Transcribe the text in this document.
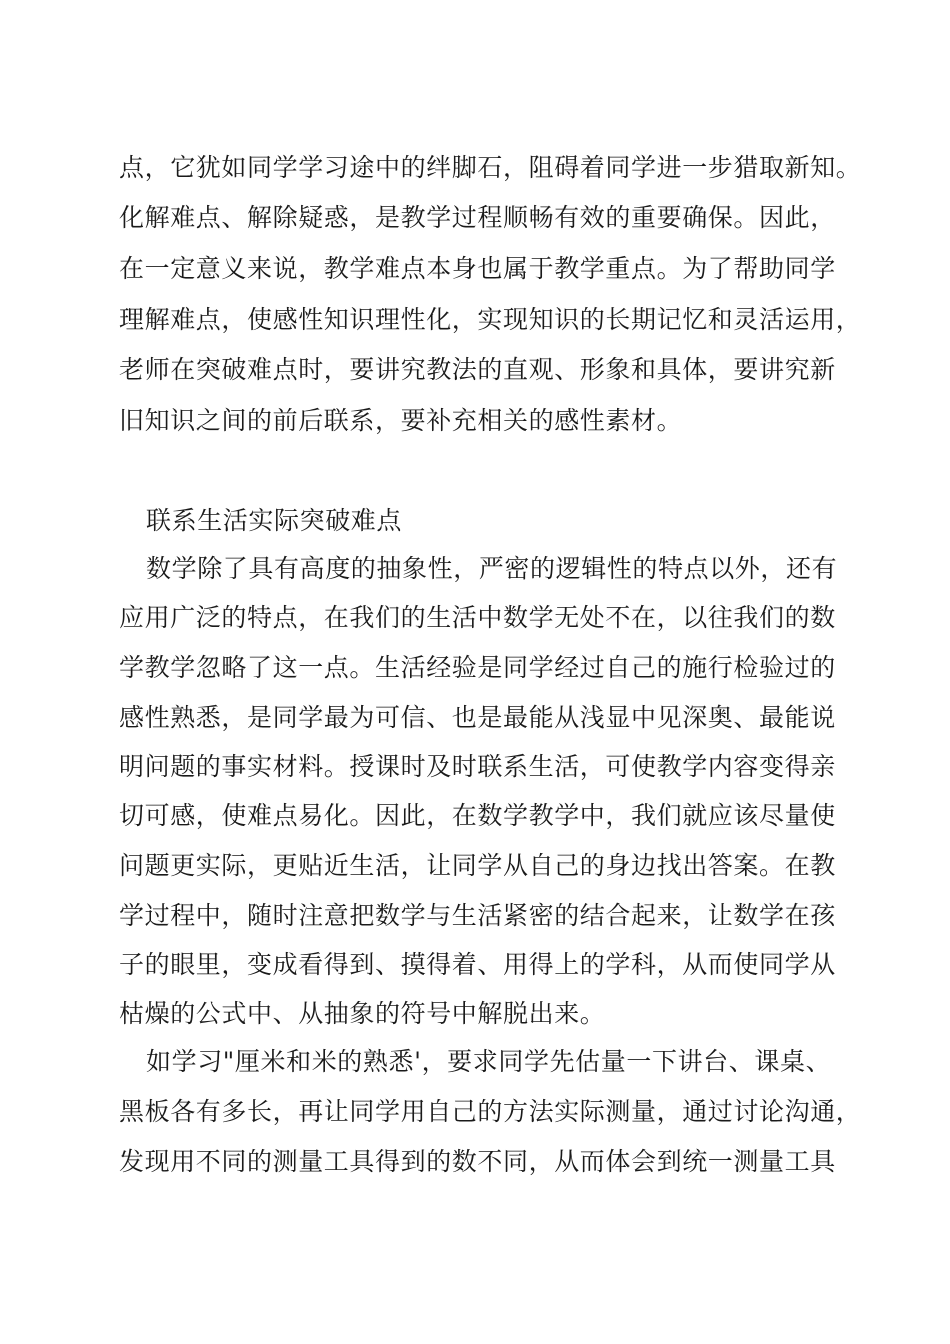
点，它犹如同学学习途中的绊脚石，阻碍着同学进一步猎取新知。
化解难点、解除疑惑，是教学过程顺畅有效的重要确保。因此，
在一定意义来说，教学难点本身也属于教学重点。为了帮助同学
理解难点，使感性知识理性化，实现知识的长期记忆和灵活运用，
老师在突破难点时，要讲究教法的直观、形象和具体，要讲究新
旧知识之间的前后联系，要补充相关的感性素材。
联系生活实际突破难点
数学除了具有高度的抽象性，严密的逻辑性的特点以外，还有
应用广泛的特点，在我们的生活中数学无处不在，以往我们的数
学教学忽略了这一点。生活经验是同学经过自己的施行检验过的
感性熟悉，是同学最为可信、也是最能从浅显中见深奥、最能说
明问题的事实材料。授课时及时联系生活，可使教学内容变得亲
切可感，使难点易化。因此，在数学教学中，我们就应该尽量使
问题更实际，更贴近生活，让同学从自己的身边找出答案。在教
学过程中，随时注意把数学与生活紧密的结合起来，让数学在孩
子的眼里，变成看得到、摸得着、用得上的学科，从而使同学从
枯燥的公式中、从抽象的符号中解脱出来。
如学习"厘米和米的熟悉'，要求同学先估量一下讲台、课桌、
黑板各有多长，再让同学用自己的方法实际测量，通过讨论沟通，
发现用不同的测量工具得到的数不同，从而体会到统一测量工具
